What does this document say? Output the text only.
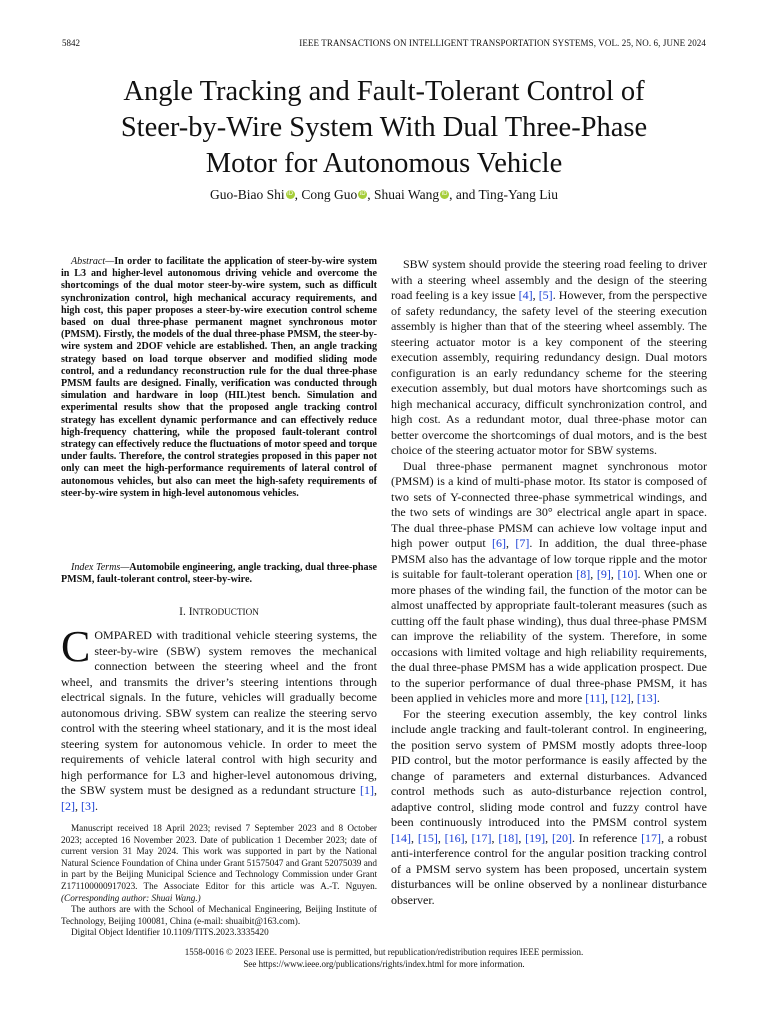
5842	IEEE TRANSACTIONS ON INTELLIGENT TRANSPORTATION SYSTEMS, VOL. 25, NO. 6, JUNE 2024
Angle Tracking and Fault-Tolerant Control of
Steer-by-Wire System With Dual Three-Phase
Motor for Autonomous Vehicle
Guo-Biao Shi iD , Cong Guo iD , Shuai Wang iD , and Ting-Yang Liu

Abstract—In order to facilitate the application of steer-by-wire system in L3 and higher-level autonomous driving vehicle and overcome the shortcomings of the dual motor steer-by-wire system, such as difficult synchronization control, high mechanical accuracy requirements, and high cost, this paper proposes a steer-by-wire execution control scheme based on dual three-phase permanent magnet synchronous motor (PMSM). Firstly, the models of the dual three-phase PMSM, the steer-by-wire system and 2DOF vehicle are established. Then, an angle tracking strategy based on load torque observer and modified sliding mode control, and a redundancy reconstruction rule for the dual three-phase PMSM faults are designed. Finally, verification was conducted through simulation and hardware in loop (HIL)test bench. Simulation and experimental results show that the proposed angle tracking control strategy has excellent dynamic performance and can effectively reduce high-frequency chattering, while the proposed fault-tolerant control strategy can effectively reduce the fluctuations of motor speed and torque under faults. Therefore, the control strategies proposed in this paper not only can meet the high-performance requirements of lateral control of autonomous vehicles, but also can meet the high-safety requirements of steer-by-wire system in high-level autonomous vehicles.

Index Terms—Automobile engineering, angle tracking, dual three-phase PMSM, fault-tolerant control, steer-by-wire.

I. INTRODUCTION

COMPARED with traditional vehicle steering systems, the steer-by-wire (SBW) system removes the mechanical connection between the steering wheel and the front wheel, and transmits the driver’s steering intentions through electrical signals. In the future, vehicles will gradually become autonomous driving. SBW system can realize the steering servo control with the steering wheel stationary, and it is the most ideal steering system for autonomous vehicle. In order to meet the requirements of vehicle lateral control with high security and high performance for L3 and higher-level autonomous driving, the SBW system must be designed as a redundant structure [1], [2], [3].

Manuscript received 18 April 2023; revised 7 September 2023 and 8 October 2023; accepted 16 November 2023. Date of publication 1 December 2023; date of current version 31 May 2024. This work was supported in part by the National Natural Science Foundation of China under Grant 51575047 and Grant 52075039 and in part by the Beijing Municipal Science and Technology Commission under Grant Z171100000917023. The Associate Editor for this article was A.-T. Nguyen. (Corresponding author: Shuai Wang.)

The authors are with the School of Mechanical Engineering, Beijing Institute of Technology, Beijing 100081, China (e-mail: shuaibit@163.com).

Digital Object Identifier 10.1109/TITS.2023.3335420

SBW system should provide the steering road feeling to driver with a steering wheel assembly and the design of the steering road feeling is a key issue [4], [5]. However, from the perspective of safety redundancy, the safety level of the steering execution assembly is higher than that of the steering wheel assembly. The steering actuator motor is a key component of the steering execution assembly, requiring redundancy design. Dual motors configuration is an early redundancy scheme for the steering execution assembly, but dual motors have shortcomings such as high mechanical accuracy, difficult synchronization control, and high cost. As a redundant motor, dual three-phase motor can better overcome the shortcomings of dual motors, and is the best choice of the steering actuator motor for SBW systems.

Dual three-phase permanent magnet synchronous motor (PMSM) is a kind of multi-phase motor. Its stator is composed of two sets of Y-connected three-phase symmetrical windings, and the two sets of windings are 30° electrical angle apart in space. The dual three-phase PMSM can achieve low voltage input and high power output [6], [7]. In addition, the dual three-phase PMSM also has the advantage of low torque ripple and the motor is suitable for fault-tolerant operation [8], [9], [10]. When one or more phases of the winding fail, the function of the motor can be almost unaffected by appropriate fault-tolerant measures (such as cutting off the fault phase winding), thus dual three-phase PMSM can improve the reliability of the system. Therefore, in some occasions with limited voltage and high reliability requirements, the dual three-phase PMSM has a wide application prospect. Due to the superior performance of dual three-phase PMSM, it has been applied in vehicles more and more [11], [12], [13].

For the steering execution assembly, the key control links include angle tracking and fault-tolerant control. In engineering, the position servo system of PMSM mostly adopts three-loop PID control, but the motor performance is easily affected by the change of parameters and external disturbances. Advanced control methods such as auto-disturbance rejection control, adaptive control, sliding mode control and fuzzy control have been continuously introduced into the PMSM control system [14], [15], [16], [17], [18], [19], [20]. In reference [17], a robust anti-interference control for the angular position tracking control of a PMSM servo system has been proposed, uncertain system disturbances will be online observed by a nonlinear disturbance observer.

1558-0016 © 2023 IEEE. Personal use is permitted, but republication/redistribution requires IEEE permission.
See https://www.ieee.org/publications/rights/index.html for more information.
